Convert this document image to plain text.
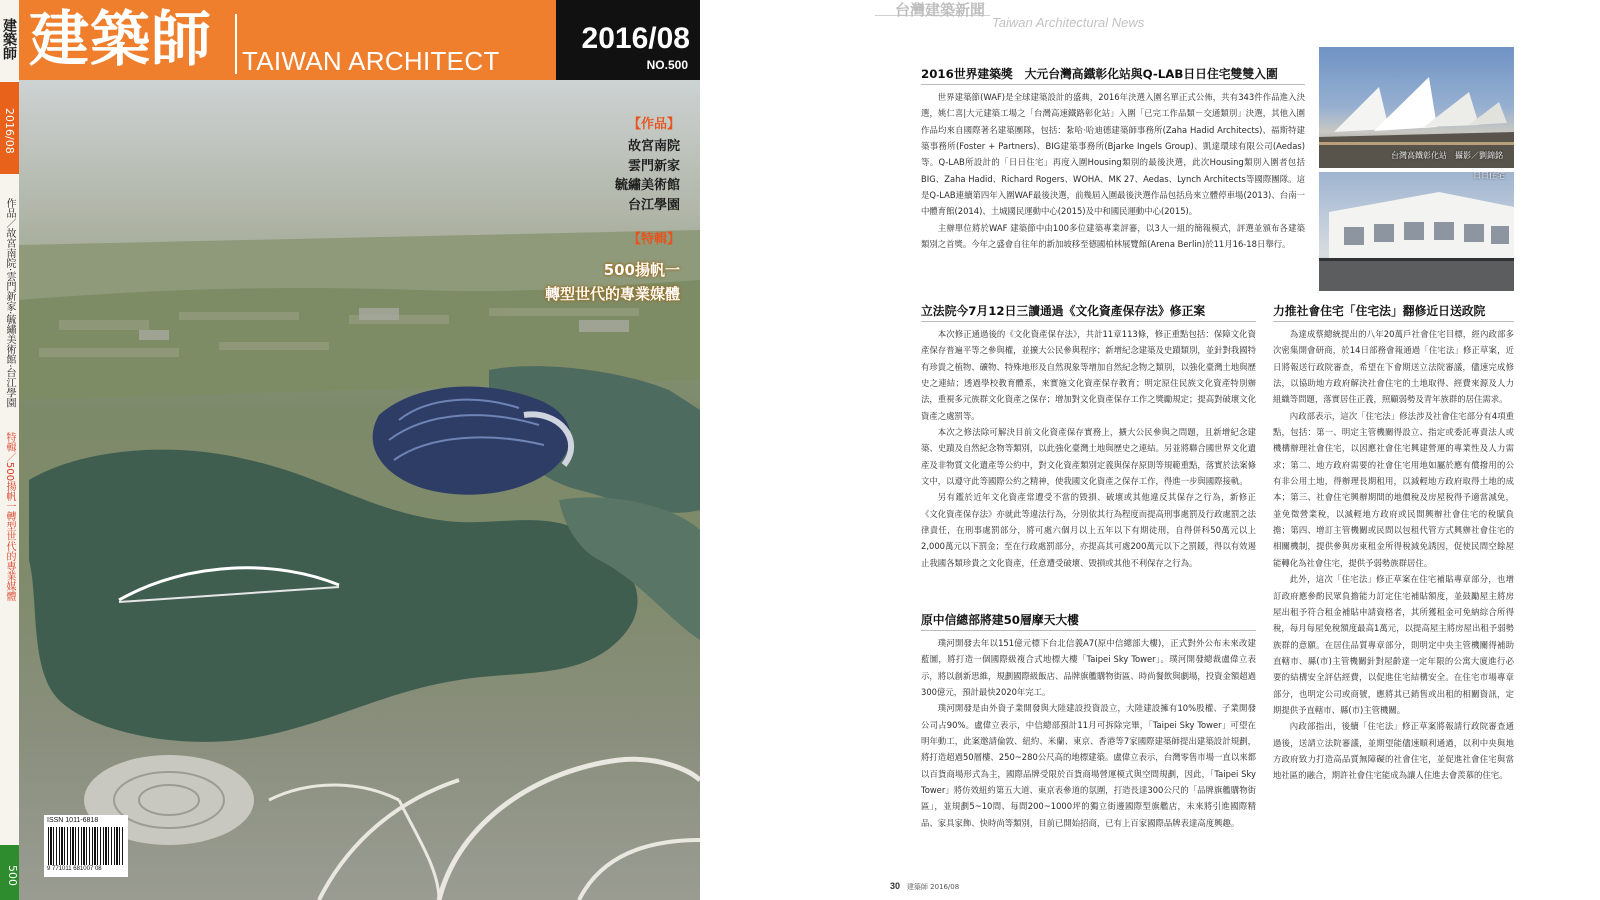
建築師 TAIWAN ARCHITECT
2016/08
NO.500
【作品】
故宮南院
雲門新家
毓繡美術館
台江學園
【特輯】
500揚帆一
轉型世代的專業媒體
ISSN 1011-6818
9 771011 681007 08
建築師
2016/08
作品／故宮南院‧雲門新家‧毓繡美術館‧台江學園
特輯／500揚帆一轉型世代的專業媒體
500
台灣建築新聞
Taiwan Architectural News
2016世界建築獎　大元台灣高鐵彰化站與Q-LAB日日住宅雙雙入圍

世界建築節(WAF)是全球建築設計的盛典，2016年決選入圍名單正式公佈，共有343件作品進入決選，姚仁喜|大元建築工場之「台灣高速鐵路彰化站」入圍「已完工作品類－交通類別」決選，其他入圍作品均來自國際著名建築團隊，包括：紮哈·哈迪德建築師事務所(Zaha Hadid Architects)、福斯特建築事務所(Foster + Partners)、BIG建築事務所(Bjarke Ingels Group)、凱達環球有限公司(Aedas)等。Q-LAB所設計的「日日住宅」再度入圍Housing類別的最後決選，此次Housing類別入圍者包括BIG、Zaha Hadid、Richard Rogers、WOHA、MK 27、Aedas、Lynch Architects等國際團隊。這是Q-LAB連續第四年入圍WAF最後決選，前幾屆入圍最後決選作品包括烏來立體停車場(2013)、台南一中體育館(2014)、土城國民運動中心(2015)及中和國民運動中心(2015)。

主辦單位將於WAF 建築節中由100多位建築專業評審，以3人一組的簡報模式，評選並頒布各建築類別之首獎。今年之盛會自往年的新加坡移至德國柏林展覽館(Arena Berlin)於11月16-18日舉行。

台灣高鐵彰化站　攝影／劉錦銘
日日住宅
立法院今7月12日三讀通過《文化資產保存法》修正案

本次修正通過後的《文化資產保存法》，共計11章113條，修正重點包括：保障文化資產保存普遍平等之參與權，並擴大公民參與程序；新增紀念建築及史蹟類別，並針對我國特有珍貴之植物、礦物、特殊地形及自然現象等增加自然紀念物之類別，以強化臺灣土地與歷史之連結；透過學校教育體系，來實施文化資產保存教育；明定原住民族文化資產特別辦法，重視多元族群文化資產之保存；增加對文化資產保存工作之獎勵規定；提高對破壞文化資產之處罰等。

本次之修法除可解決目前文化資產保存實務上，擴大公民參與之問題，且新增紀念建築、史蹟及自然紀念物等類別，以此強化臺灣土地與歷史之連結。另並將聯合國世界文化遺產及非物質文化遺產等公約中，對文化資產類別定義與保存原則等規範重點，落實於法案條文中，以遵守此等國際公約之精神，使我國文化資產之保存工作，得進一步與國際接軌。

另有鑑於近年文化資產常遭受不當的毀損、破壞或其他違反其保存之行為，新修正《文化資產保存法》亦就此等違法行為，分別依其行為程度而提高刑事處罰及行政處罰之法律責任，在刑事處罰部分，將可處六個月以上五年以下有期徒刑，自得併科50萬元以上2,000萬元以下罰金；至在行政處罰部分，亦提高其可處200萬元以下之罰鍰，得以有效遏止我國各類珍貴之文化資產，任意遭受破壞、毀損或其他不利保存之行為。

原中信總部將建50層摩天大樓

璞河開發去年以151億元標下台北信義A7(原中信總部大樓)，正式對外公布未來改建藍圖，將打造一個國際級複合式地標大樓「Taipei Sky Tower」。璞河開發總裁盧偉立表示，將以創新思維，規劃國際級飯店、品牌旗艦購物街區、時尚餐飲與劇場，投資金額超過300億元，預計最快2020年完工。

璞河開發是由外資子業開發與大陸建設投資設立，大陸建設擁有10%股權、子業開發公司占90%。盧偉立表示，中信總部預計11月可拆除完畢，「Taipei Sky Tower」可望在明年動工，此案邀請倫敦、紐約、米蘭、東京、香港等7家國際建築師提出建築設計規劃，將打造超過50層樓、250~280公尺高的地標建築。盧偉立表示，台灣零售市場一直以來都以百貨商場形式為主，國際品牌受限於百貨商場營運模式與空間規劃，因此，「Taipei Sky Tower」將仿效紐約第五大道、東京表參道的氛圍，打造長達300公尺的「品牌旗艦購物街區」，並規劃5~10間、每間200~1000坪的獨立街邊國際型旗艦店，未來將引進國際精品、家具家飾、快時尚等類別，目前已開始招商，已有上百家國際品牌表達高度興趣。

力推社會住宅「住宅法」翻修近日送政院

為達成蔡總統提出的八年20萬戶社會住宅目標，經內政部多次密集開會研商，於14日部務會報通過「住宅法」修正草案，近日將報送行政院審查，希望在下會期送立法院審議，儘速完成修法，以協助地方政府解決社會住宅的土地取得、經費來源及人力組織等問題，落實居住正義，照顧弱勢及青年族群的居住需求。

內政部表示，這次「住宅法」修法涉及社會住宅部分有4項重點，包括：第一、明定主管機關得設立、指定或委託專責法人或機構辦理社會住宅，以因應社會住宅興建營運的專業性及人力需求；第二、地方政府需要的社會住宅用地如屬於應有償撥用的公有非公用土地，得辦理長期租用，以減輕地方政府取得土地的成本；第三、社會住宅興辦期間的地價稅及房屋稅得予適當減免，並免徵營業稅，以減輕地方政府或民間興辦社會住宅的稅賦負擔；第四、增訂主管機關或民間以包租代管方式興辦社會住宅的相關機制，提供參與房東租金所得稅減免誘因，促使民間空餘屋能轉化為社會住宅，提供予弱勢族群居住。

此外，這次「住宅法」修正草案在住宅補貼專章部分，也增訂政府應參酌民眾負擔能力訂定住宅補貼額度，並鼓勵屋主將房屋出租予符合租金補貼申請資格者，其所獲租金可免納綜合所得稅，每月每屋免稅額度最高1萬元，以提高屋主將房屋出租予弱勢族群的意願。在居住品質專章部分，則明定中央主管機關得補助直轄市、縣(市)主管機關針對屋齡達一定年限的公寓大廈進行必要的結構安全評估經費，以促進住宅結構安全。在住宅市場專章部分，也明定公司或商號，應將其已銷售或出租的相關資訊，定期提供予直轄市、縣(市)主管機關。

內政部指出，後續「住宅法」修正草案將報請行政院審查通過後，送請立法院審議，並期望能儘速順利通過，以利中央與地方政府致力打造高品質無障礙的社會住宅，並促進社會住宅與當地社區的融合，期許社會住宅能成為讓人住進去會羨慕的住宅。

30 建築師 2016/08
